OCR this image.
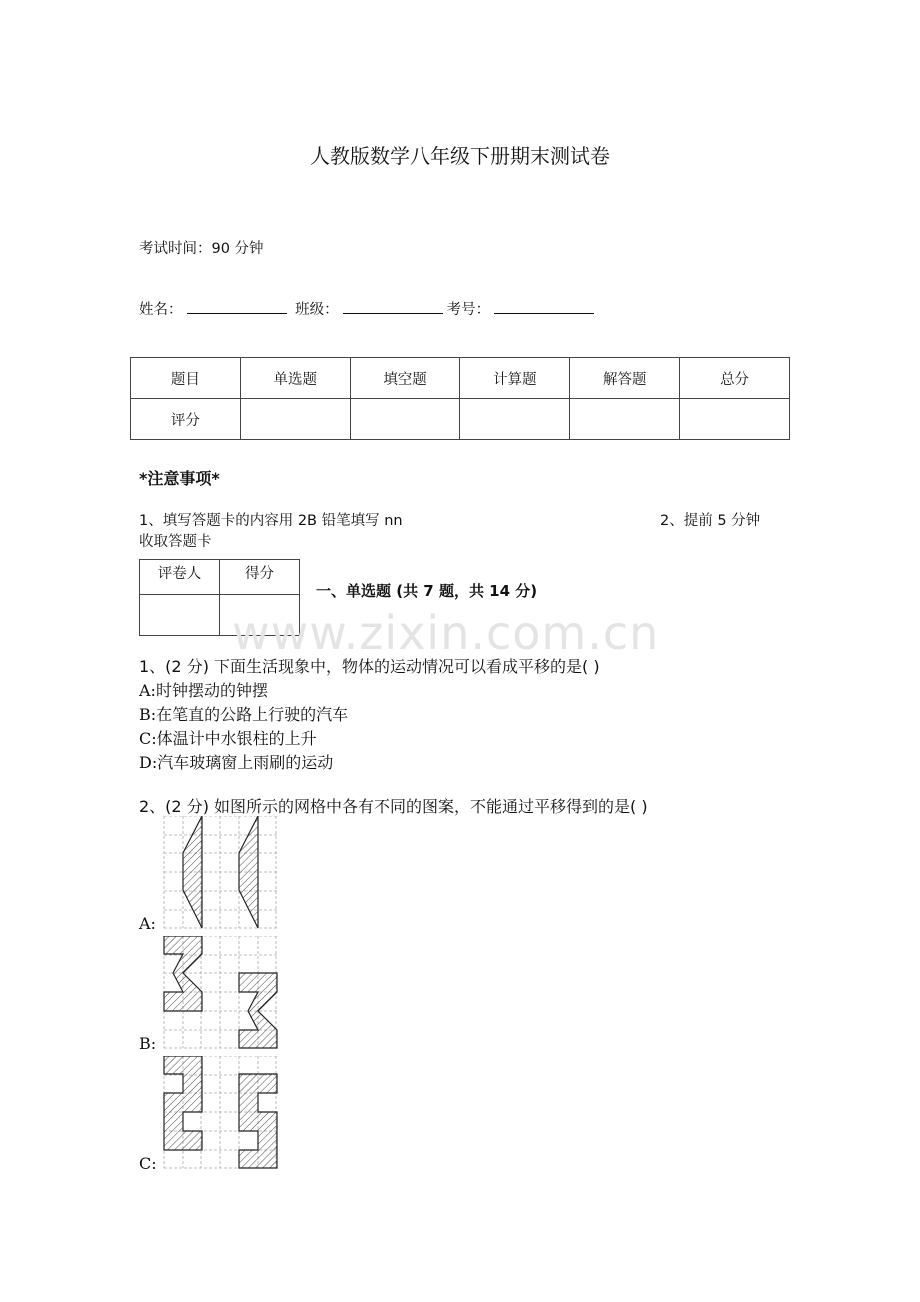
人教版数学八年级下册期末测试卷
考试时间：90 分钟
姓名：	班级：	考号：
题目	单选题	填空题	计算题	解答题	总分
评分					
*注意事项*
1、填写答题卡的内容用 2B 铅笔填写 nn	2、提前 5 分钟
收取答题卡
评卷人	得分

一、单选题 (共 7 题，共 14 分)
www.zixin.com.cn
1、(2 分) 下面生活现象中，物体的运动情况可以看成平移的是( )
A:时钟摆动的钟摆
B:在笔直的公路上行驶的汽车
C:体温计中水银柱的上升
D:汽车玻璃窗上雨刷的运动
2、(2 分) 如图所示的网格中各有不同的图案，不能通过平移得到的是( )
A:
B:
C:
